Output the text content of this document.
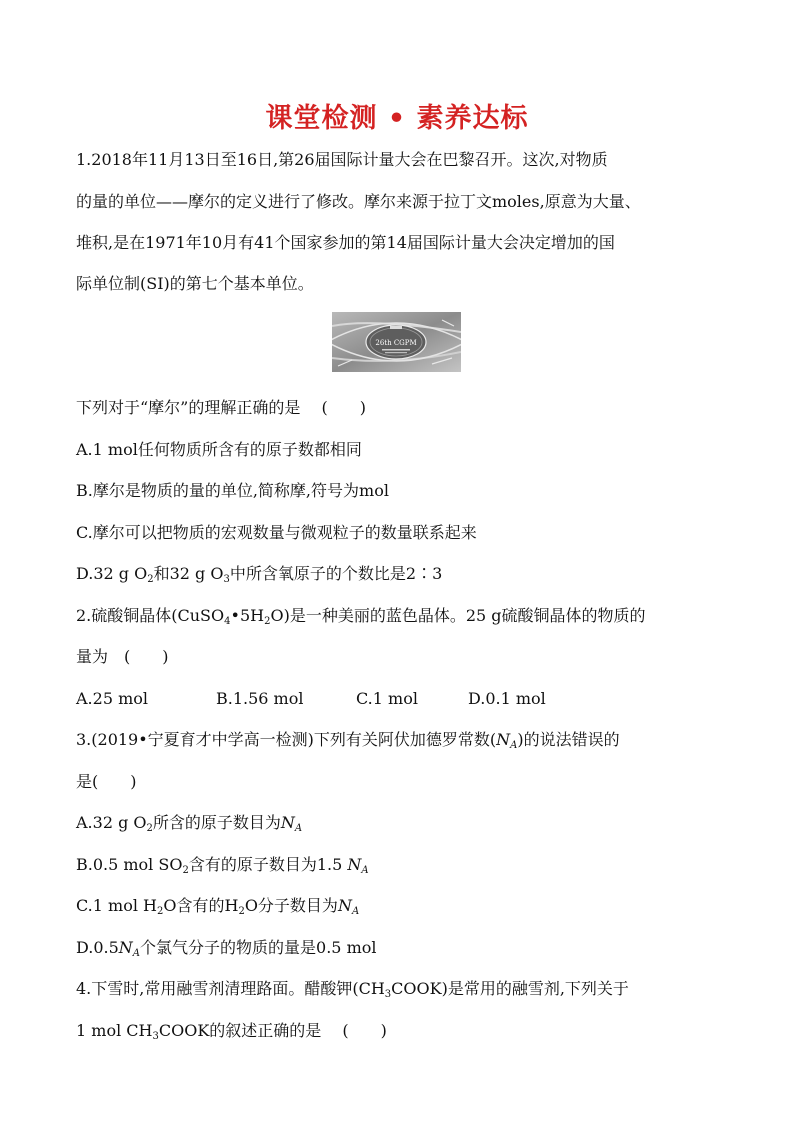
课堂检测 • 素养达标
1.2018年11月13日至16日,第26届国际计量大会在巴黎召开。这次,对物质
的量的单位——摩尔的定义进行了修改。摩尔来源于拉丁文moles,原意为大量、
堆积,是在1971年10月有41个国家参加的第14届国际计量大会决定增加的国
际单位制(SI)的第七个基本单位。
26th CGPM
下列对于“摩尔”的理解正确的是　 (　　)
A.1 mol任何物质所含有的原子数都相同
B.摩尔是物质的量的单位,简称摩,符号为mol
C.摩尔可以把物质的宏观数量与微观粒子的数量联系起来
D.32 g $O_2$和32 g $O_3$中所含氧原子的个数比是2∶3
2.硫酸铜晶体$(CuSO_4•5H_2O)$是一种美丽的蓝色晶体。25 g硫酸铜晶体的物质的
量为　(　　)
A.25 mol	B.1.56 mol	C.1 mol	D.0.1 mol
3.(2019•宁夏育才中学高一检测)下列有关阿伏加德罗常数$(N_A)$的说法错误的
是(　　)
A.32 g $O_2$所含的原子数目为$N_A$
B.0.5 mol $SO_2$含有的原子数目为1.5 $N_A$
C.1 mol $H_2O$含有的$H_2O$分子数目为$N_A$
$D.0.5N_A$个氯气分子的物质的量是0.5 mol
4.下雪时,常用融雪剂清理路面。醋酸钾$(CH_3COOK)$是常用的融雪剂,下列关于
1 mol $CH_3COOK$的叙述正确的是　 (　　)
